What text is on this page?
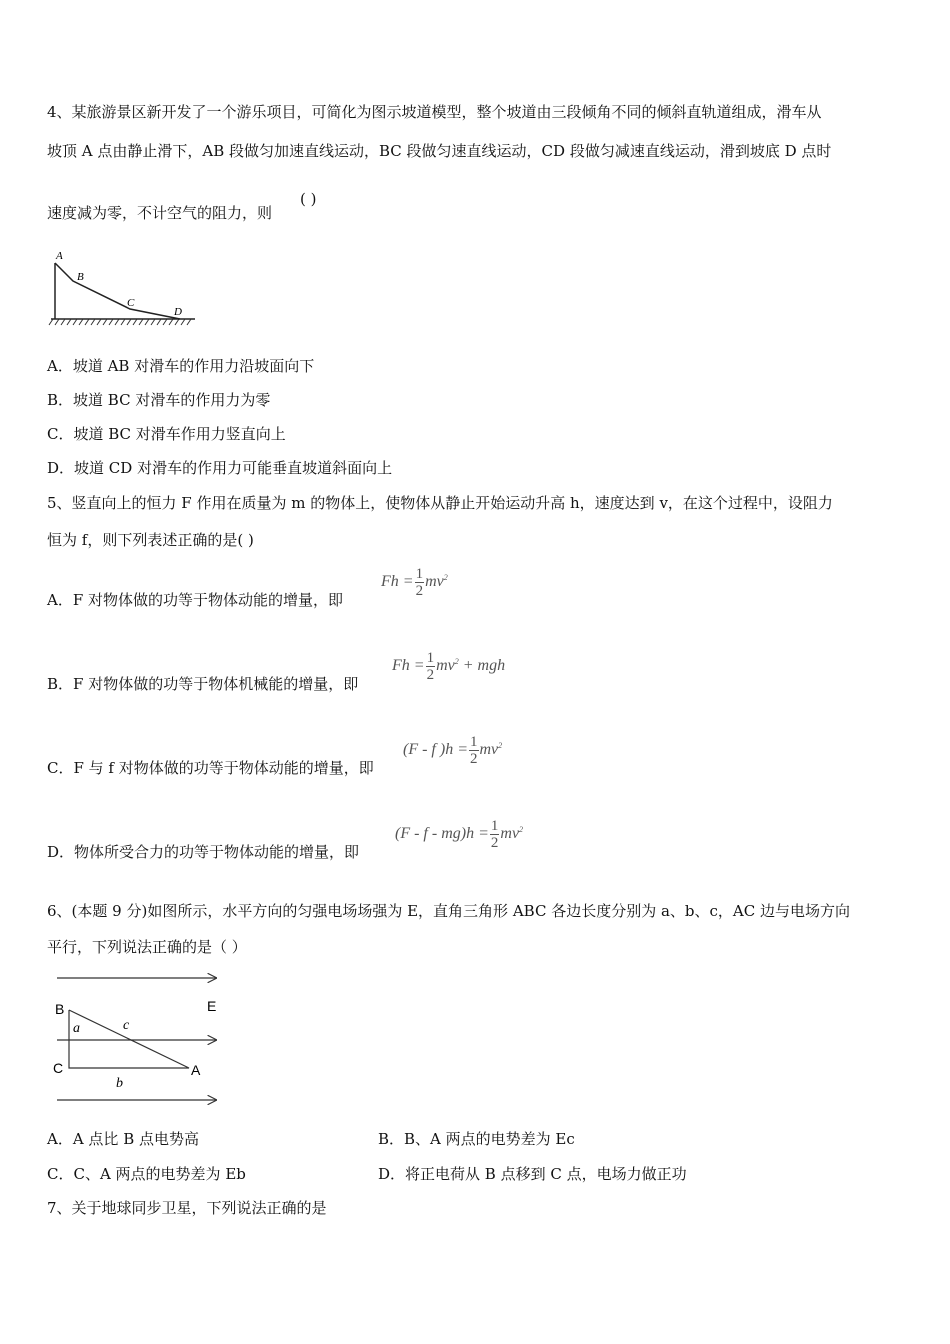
4、某旅游景区新开发了一个游乐项目，可简化为图示坡道模型，整个坡道由三段倾角不同的倾斜直轨道组成，滑车从
坡顶 A 点由静止滑下，AB 段做匀加速直线运动，BC 段做匀速直线运动，CD 段做匀减速直线运动，滑到坡底 D 点时
速度减为零，不计空气的阻力，则
( )
A
B
C
D
A．坡道 AB 对滑车的作用力沿坡面向下
B．坡道 BC 对滑车的作用力为零
C．坡道 BC 对滑车作用力竖直向上
D．坡道 CD 对滑车的作用力可能垂直坡道斜面向上
5、竖直向上的恒力 F 作用在质量为 m 的物体上，使物体从静止开始运动升高 h，速度达到 v，在这个过程中，设阻力
恒为 f，则下列表述正确的是( )
A．F 对物体做的功等于物体动能的增量，即
$Fh = \frac{1}{2} mv^2$
B．F 对物体做的功等于物体机械能的增量，即
$Fh = \frac{1}{2} mv^2$ + mgh
C．F 与 f 对物体做的功等于物体动能的增量，即
(F - f )$h = \frac{1}{2} mv^2$
D．物体所受合力的功等于物体动能的增量，即
$(F - f - mg)h = \frac{1}{2} mv^2$
6、(本题 9 分)如图所示，水平方向的匀强电场场强为 E，直角三角形 ABC 各边长度分别为 a、b、c，AC 边与电场方向
平行，下列说法正确的是（ ）
B	E
a	c
C	A
b
A．A 点比 B 点电势高	B．B、A 两点的电势差为 Ec
C．C、A 两点的电势差为 Eb	D．将正电荷从 B 点移到 C 点，电场力做正功
7、关于地球同步卫星，下列说法正确的是
